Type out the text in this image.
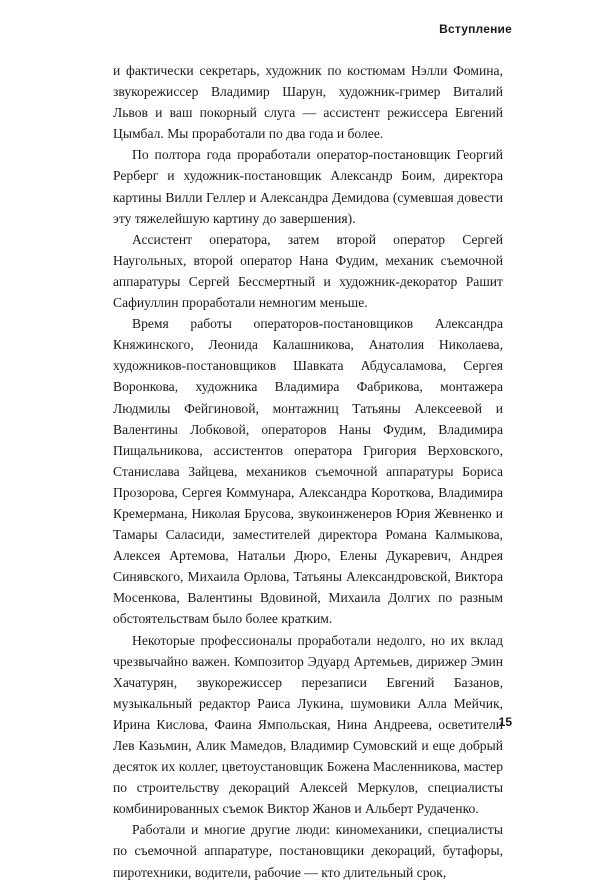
Вступление

и фактически секретарь, художник по костюмам Нэлли Фомина, звукорежиссер Владимир Шарун, художник-гример Виталий Львов и ваш покорный слуга — ассистент режиссера Евгений Цымбал. Мы проработали по два года и более.

По полтора года проработали оператор-постановщик Георгий Рерберг и художник-постановщик Александр Боим, директора картины Вилли Геллер и Александра Демидова (сумевшая довести эту тяжелейшую картину до завершения).

Ассистент оператора, затем второй оператор Сергей Наугольных, второй оператор Нана Фудим, механик съемочной аппаратуры Сергей Бессмертный и художник-декоратор Рашит Сафиуллин проработали немногим меньше.

Время работы операторов-постановщиков Александра Княжинского, Леонида Калашникова, Анатолия Николаева, художников-постановщиков Шавката Абдусаламова, Сергея Воронкова, художника Владимира Фабрикова, монтажера Людмилы Фейгиновой, монтажниц Татьяны Алексеевой и Валентины Лобковой, операторов Наны Фудим, Владимира Пищальникова, ассистентов оператора Григория Верховского, Станислава Зайцева, механиков съемочной аппаратуры Бориса Прозорова, Сергея Коммунара, Александра Короткова, Владимира Кремермана, Николая Брусова, звукоинженеров Юрия Жевненко и Тамары Саласиди, заместителей директора Романа Калмыкова, Алексея Артемова, Натальи Дюро, Елены Дукаревич, Андрея Синявского, Михаила Орлова, Татьяны Александровской, Виктора Мосенкова, Валентины Вдовиной, Михаила Долгих по разным обстоятельствам было более кратким.

Некоторые профессионалы проработали недолго, но их вклад чрезвычайно важен. Композитор Эдуард Артемьев, дирижер Эмин Хачатурян, звукорежиссер перезаписи Евгений Базанов, музыкальный редактор Раиса Лукина, шумовики Алла Мейчик, Ирина Кислова, Фаина Ямпольская, Нина Андреева, осветители Лев Казьмин, Алик Мамедов, Владимир Сумовский и еще добрый десяток их коллег, цветоустановщик Божена Масленникова, мастер по строительству декораций Алексей Меркулов, специалисты комбинированных съемок Виктор Жанов и Альберт Рудаченко.

Работали и многие другие люди: киномеханики, специалисты по съемочной аппаратуре, постановщики декораций, бутафоры, пиротехники, водители, рабочие — кто длительный срок,

15
